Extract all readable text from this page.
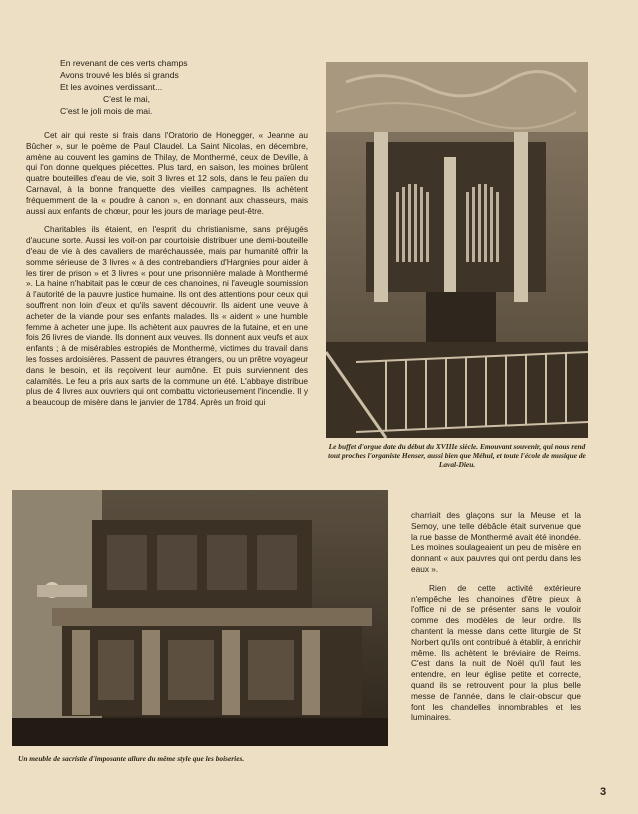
En revenant de ces verts champs
Avons trouvé les blés si grands
Et les avoines verdissant...
C'est le mai,
C'est le joli mois de mai.

Cet air qui reste si frais dans l'Oratorio de Honegger, « Jeanne au Bûcher », sur le poème de Paul Claudel. La Saint Nicolas, en décembre, amène au couvent les gamins de Thilay, de Monthermé, ceux de Deville, à qui l'on donne quelques piécettes. Plus tard, en saison, les moines brûlent quatre bouteilles d'eau de vie, soit 3 livres et 12 sols, dans le feu païen du Carnaval, à la bonne franquette des vieilles campagnes. Ils achètent fréquemment de la « poudre à canon », en donnant aux chasseurs, mais aussi aux enfants de chœur, pour les jours de mariage peut-être.

Charitables ils étaient, en l'esprit du christianisme, sans préjugés d'aucune sorte. Aussi les voit-on par courtoisie distribuer une demi-bouteille d'eau de vie à des cavaliers de maréchaussée, mais par humanité offrir la somme sérieuse de 3 livres « à des contrebandiers d'Hargnies pour aider à les tirer de prison » et 3 livres « pour une prisonnière malade à Monthermé ». La haine n'habitait pas le cœur de ces chanoines, ni l'aveugle soumission à l'autorité de la pauvre justice humaine. Ils ont des attentions pour ceux qui souffrent non loin d'eux et qu'ils savent découvrir. Ils aident une veuve à acheter de la viande pour ses enfants malades. Ils « aident » une humble femme à acheter une jupe. Ils achètent aux pauvres de la futaine, et en une fois 26 livres de viande. Ils donnent aux veuves. Ils donnent aux veufs et aux enfants ; à de misérables estropiés de Monthermé, victimes du travail dans les fosses ardoisières. Passent de pauvres étrangers, ou un prêtre voyageur dans le besoin, et ils reçoivent leur aumône. Et puis surviennent des calamités. Le feu a pris aux sarts de la commune un été. L'abbaye distribue plus de 4 livres aux ouvriers qui ont combattu victorieusement l'incendie. Il y a beaucoup de misère dans le janvier de 1784. Après un froid qui

Le buffet d'orgue date du début du XVIIIe siècle. Emouvant souvenir, qui nous rend tout proches l'organiste Henser, aussi bien que Méhul, et toute l'école de musique de Laval-Dieu.
Un meuble de sacristie d'imposante allure du même style que les boiseries.

charriait des glaçons sur la Meuse et la Semoy, une telle débâcle était survenue que la rue basse de Monthermé avait été inondée. Les moines soulageaient un peu de misère en donnant « aux pauvres qui ont perdu dans les eaux ».

Rien de cette activité extérieure n'empêche les chanoines d'être pieux à l'office ni de se présenter sans le vouloir comme des modèles de leur ordre. Ils chantent la messe dans cette liturgie de St Norbert qu'ils ont contribué à établir, à enrichir même. Ils achètent le bréviaire de Reims. C'est dans la nuit de Noël qu'il faut les entendre, en leur église petite et correcte, quand ils se retrouvent pour la plus belle messe de l'année, dans le clair-obscur que font les chandelles innombrables et les luminaires.

3
